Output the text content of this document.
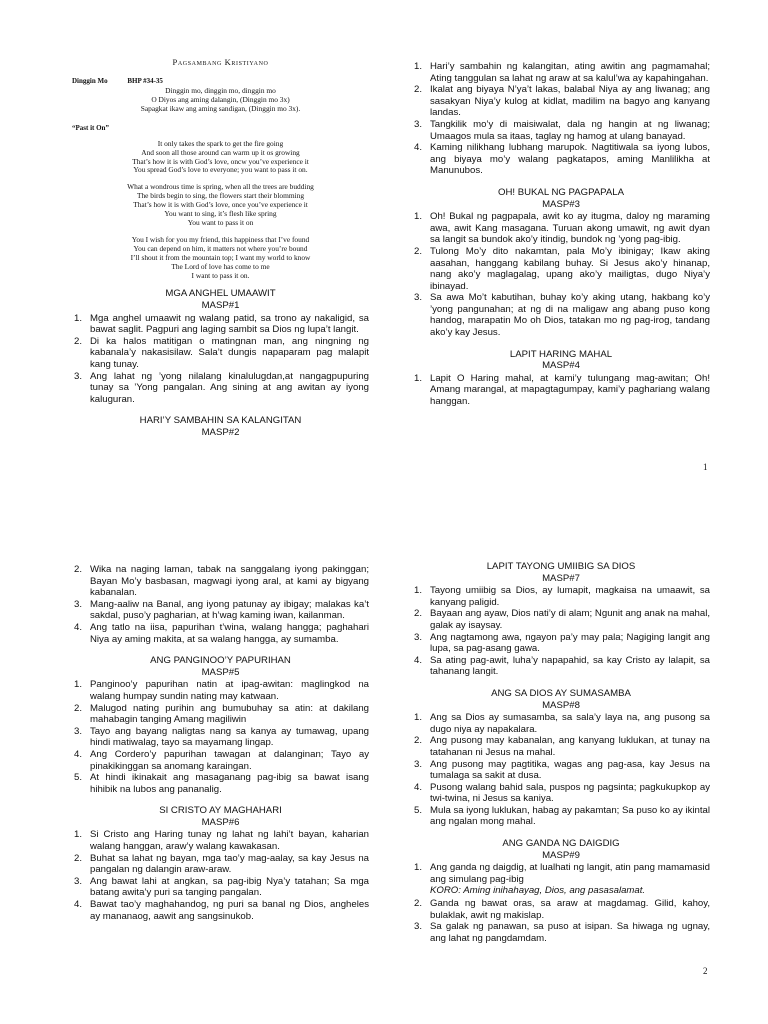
Pagsambang Kristiyano
Dinggin Mo	BHP #34-35
Dinggin mo, dinggin mo, dinggin mo
O Diyos ang aming dalangin, (Dinggin mo 3x)
Sapagkat ikaw ang aming sandigan, (Dinggin mo 3x).
“Past it On”
It only takes the spark to get the fire going
And soon all those around can warm up it os growing
That’s how it is with God’s love, oncw you’ve experience it
You spread God’s love to everyone; you want to pass it on.
What a wondrous time is spring, when all the trees are budding
The birds begin to sing, the flowers start their blomming
That’s how it is with God’s love, once you’ve experience it
You want to sing, it’s flesh like spring
You want to pass it on
You I wish for you my friend, this happiness that I’ve found
You can depend on him, it matters not where you’re bound
I’ll shout it from the mountain top; I want my world to know
The Lord of love has come to me
I want to pass it on.
MGA ANGHEL UMAAWIT
MASP#1
1. Mga anghel umaawit ng walang patid, sa trono ay nakaligid, sa bawat saglit. Pagpuri ang laging sambit sa Dios ng lupa’t langit.
2. Di ka halos matitigan o matingnan man, ang ningning ng kabanala’y nakasisilaw. Sala’t dungis napaparam pag malapit kang tunay.
3. Ang lahat ng ’yong nilalang kinalulugdan,at nangagpupuring tunay sa ’Yong pangalan. Ang sining at ang awitan ay iyong kaluguran.
HARI’Y SAMBAHIN SA KALANGITAN
MASP#2
1. Hari’y sambahin ng kalangitan, ating awitin ang pagmamahal; Ating tanggulan sa lahat ng araw at sa kalul’wa ay kapahingahan.
2. Ikalat ang biyaya N’ya’t lakas, balabal Niya ay ang liwanag; ang sasakyan Niya’y kulog at kidlat, madilim na bagyo ang kanyang landas.
3. Tangkilik mo’y di maisiwalat, dala ng hangin at ng liwanag; Umaagos mula sa itaas, taglay ng hamog at ulang banayad.
4. Kaming nilikhang lubhang marupok. Nagtitiwala sa iyong lubos, ang biyaya mo’y walang pagkatapos, aming Manlilikha at Manunubos.
OH! BUKAL NG PAGPAPALA
MASP#3
1. Oh! Bukal ng pagpapala, awit ko ay itugma, daloy ng maraming awa, awit Kang masagana. Turuan akong umawit, ng awit dyan sa langit sa bundok ako’y itindig, bundok ng ’yong pag-ibig.
2. Tulong Mo’y dito nakamtan, pala Mo’y ibinigay; Ikaw aking aasahan, hanggang kabilang buhay. Si Jesus ako’y hinanap, nang ako’y maglagalag, upang ako’y mailigtas, dugo Niya’y ibinayad.
3. Sa awa Mo’t kabutihan, buhay ko’y aking utang, hakbang ko’y ’yong pangunahan; at ng di na maligaw ang abang puso kong handog, marapatin Mo oh Dios, tatakan mo ng pag-irog, tandang ako’y kay Jesus.
LAPIT HARING MAHAL
MASP#4
1. Lapit O Haring mahal, at kami’y tulungang mag-awitan; Oh! Amang marangal, at mapagtagumpay, kami’y paghariang walang hanggan.
1
2. Wika na naging laman, tabak na sanggalang iyong pakinggan; Bayan Mo’y basbasan, magwagi iyong aral, at kami ay bigyang kabanalan.
3. Mang-aaliw na Banal, ang iyong patunay ay ibigay; malakas ka’t sakdal, puso’y pagharian, at h’wag kaming iwan, kailanman.
4. Ang tatlo na iisa, papurihan t’wina, walang hangga; paghahari Niya ay aming makita, at sa walang hangga, ay sumamba.
ANG PANGINOO’Y PAPURIHAN
MASP#5
1. Panginoo’y papurihan natin at ipag-awitan: maglingkod na walang humpay sundin nating may katwaan.
2. Malugod nating purihin ang bumubuhay sa atin: at dakilang mahabagin tanging Amang magiliwin
3. Tayo ang bayang naligtas nang sa kanya ay tumawag, upang hindi matiwalag, tayo sa mayamang lingap.
4. Ang Cordero’y papurihan tawagan at dalanginan; Tayo ay pinakikinggan sa anomang karaingan.
5. At hindi ikinakait ang masaganang pag-ibig sa bawat isang hihibik na lubos ang pananalig.
SI CRISTO AY MAGHAHARI
MASP#6
1. Si Cristo ang Haring tunay ng lahat ng lahi’t bayan, kaharian walang hanggan, araw’y walang kawakasan.
2. Buhat sa lahat ng bayan, mga tao’y mag-aalay, sa kay Jesus na pangalan ng dalangin araw-araw.
3. Ang bawat lahi at angkan, sa pag-ibig Nya’y tatahan; Sa mga batang awita’y puri sa tanging pangalan.
4. Bawat tao’y maghahandog, ng puri sa banal ng Dios, angheles ay mananaog, aawit ang sangsinukob.
LAPIT TAYONG UMIIBIG SA DIOS
MASP#7
1. Tayong umiibig sa Dios, ay lumapit, magkaisa na umaawit, sa kanyang paligid.
2. Bayaan ang ayaw, Dios nati’y di alam; Ngunit ang anak na mahal, galak ay isaysay.
3. Ang nagtamong awa, ngayon pa’y may pala; Nagiging langit ang lupa, sa pag-asang gawa.
4. Sa ating pag-awit, luha’y napapahid, sa kay Cristo ay lalapit, sa tahanang langit.
ANG SA DIOS AY SUMASAMBA
MASP#8
1. Ang sa Dios ay sumasamba, sa sala’y laya na, ang pusong sa dugo niya ay napakalara.
2. Ang pusong may kabanalan, ang kanyang luklukan, at tunay na tatahanan ni Jesus na mahal.
3. Ang pusong may pagtitika, wagas ang pag-asa, kay Jesus na tumalaga sa sakit at dusa.
4. Pusong walang bahid sala, puspos ng pagsinta; pagkukupkop ay twi-twina, ni Jesus sa kaniya.
5. Mula sa iyong luklukan, habag ay pakamtan; Sa puso ko ay ikintal ang ngalan mong mahal.
ANG GANDA NG DAIGDIG
MASP#9
1. Ang ganda ng daigdig, at lualhati ng langit, atin pang mamamasid ang simulang pag-ibig
KORO: Aming inihahayag, Dios, ang pasasalamat.
2. Ganda ng bawat oras, sa araw at magdamag. Gilid, kahoy, bulaklak, awit ng makislap.
3. Sa galak ng panawan, sa puso at isipan. Sa hiwaga ng ugnay, ang lahat ng pangdamdam.
2
